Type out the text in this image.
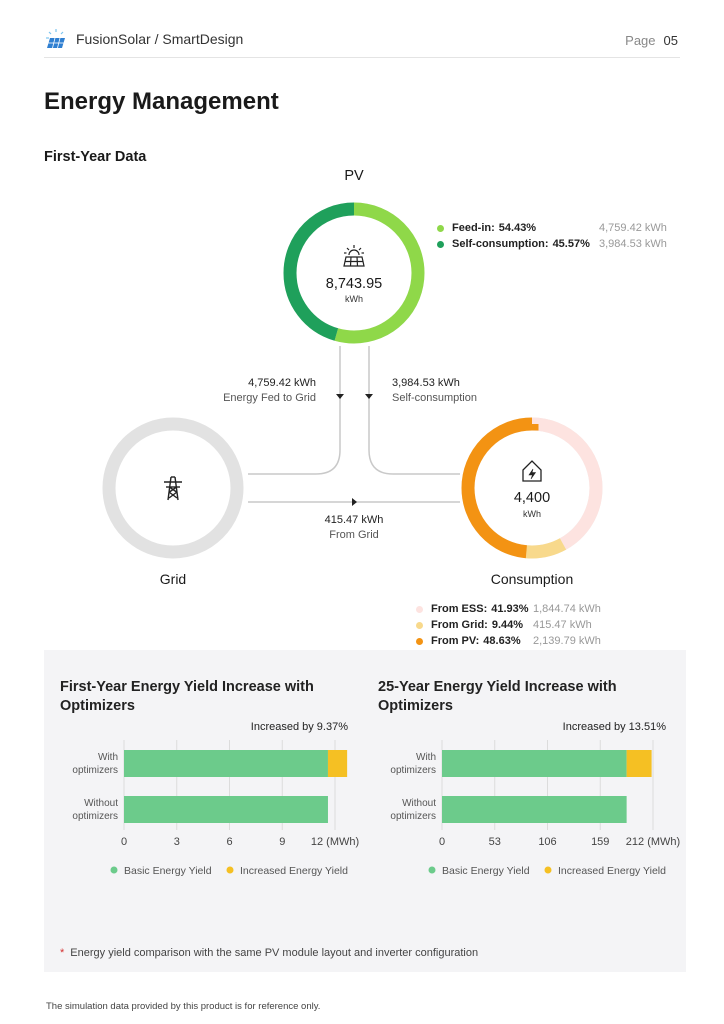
FusionSolar / SmartDesign	Page 05
Energy Management
First-Year Data
PV
8,743.95
kWh
4,759.42 kWh
Energy Fed to Grid
3,984.53 kWh
Self-consumption
415.47 kWh
From Grid
Grid
4,400
kWh
Consumption
Feed-in: 54.43%	4,759.42 kWh
Self-consumption: 45.57% 3,984.53 kWh
From ESS: 41.93% 1,844.74 kWh
From Grid: 9.44% 415.47 kWh
From PV: 48.63% 2,139.79 kWh
First-Year Energy Yield Increase with Optimizers
Increased by 9.37%
0	3	6	9 12 (MWh)
With
optimizers
Without
optimizers
Basic Energy Yield	Increased Energy Yield
25-Year Energy Yield Increase with Optimizers
Increased by 13.51%
0	53	106	159 212 (MWh)
With
optimizers
Without
optimizers
Basic Energy Yield	Increased Energy Yield
* Energy yield comparison with the same PV module layout and inverter configuration
The simulation data provided by this product is for reference only.
